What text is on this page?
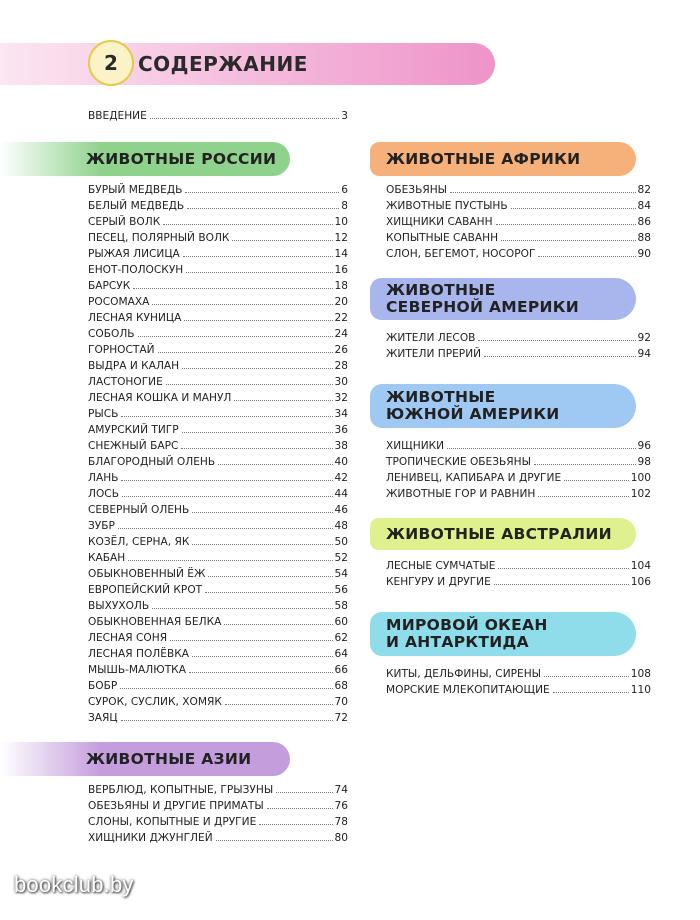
2 СОДЕРЖАНИЕ
ВВЕДЕНИЕ	3
ЖИВОТНЫЕ РОССИИ
БУРЫЙ МЕДВЕДЬ	6
БЕЛЫЙ МЕДВЕДЬ	8
СЕРЫЙ ВОЛК	10
ПЕСЕЦ, ПОЛЯРНЫЙ ВОЛК	12
РЫЖАЯ ЛИСИЦА	14
ЕНОТ-ПОЛОСКУН	16
БАРСУК	18
РОСОМАХА	20
ЛЕСНАЯ КУНИЦА	22
СОБОЛЬ	24
ГОРНОСТАЙ	26
ВЫДРА И КАЛАН	28
ЛАСТОНОГИЕ	30
ЛЕСНАЯ КОШКА И МАНУЛ	32
РЫСЬ	34
АМУРСКИЙ ТИГР	36
СНЕЖНЫЙ БАРС	38
БЛАГОРОДНЫЙ ОЛЕНЬ	40
ЛАНЬ	42
ЛОСЬ	44
СЕВЕРНЫЙ ОЛЕНЬ	46
ЗУБР	48
КОЗЁЛ, СЕРНА, ЯК	50
КАБАН	52
ОБЫКНОВЕННЫЙ ЁЖ	54
ЕВРОПЕЙСКИЙ КРОТ	56
ВЫХУХОЛЬ	58
ОБЫКНОВЕННАЯ БЕЛКА	60
ЛЕСНАЯ СОНЯ	62
ЛЕСНАЯ ПОЛЁВКА	64
МЫШЬ-МАЛЮТКА	66
БОБР	68
СУРОК, СУСЛИК, ХОМЯК	70
ЗАЯЦ	72
ЖИВОТНЫЕ АЗИИ
ВЕРБЛЮД, КОПЫТНЫЕ, ГРЫЗУНЫ	74
ОБЕЗЬЯНЫ И ДРУГИЕ ПРИМАТЫ	76
СЛОНЫ, КОПЫТНЫЕ И ДРУГИЕ	78
ХИЩНИКИ ДЖУНГЛЕЙ	80
ЖИВОТНЫЕ АФРИКИ
ОБЕЗЬЯНЫ	82
ЖИВОТНЫЕ ПУСТЫНЬ	84
ХИЩНИКИ САВАНН	86
КОПЫТНЫЕ САВАНН	88
СЛОН, БЕГЕМОТ, НОСОРОГ	90
ЖИВОТНЫЕ
СЕВЕРНОЙ АМЕРИКИ
ЖИТЕЛИ ЛЕСОВ	92
ЖИТЕЛИ ПРЕРИЙ	94
ЖИВОТНЫЕ
ЮЖНОЙ АМЕРИКИ
ХИЩНИКИ	96
ТРОПИЧЕСКИЕ ОБЕЗЬЯНЫ	98
ЛЕНИВЕЦ, КАПИБАРА И ДРУГИЕ	100
ЖИВОТНЫЕ ГОР И РАВНИН	102
ЖИВОТНЫЕ АВСТРАЛИИ
ЛЕСНЫЕ СУМЧАТЫЕ	104
КЕНГУРУ И ДРУГИЕ	106
МИРОВОЙ ОКЕАН
И АНТАРКТИДА
КИТЫ, ДЕЛЬФИНЫ, СИРЕНЫ	108
МОРСКИЕ МЛЕКОПИТАЮЩИЕ	110
bookclub.by
